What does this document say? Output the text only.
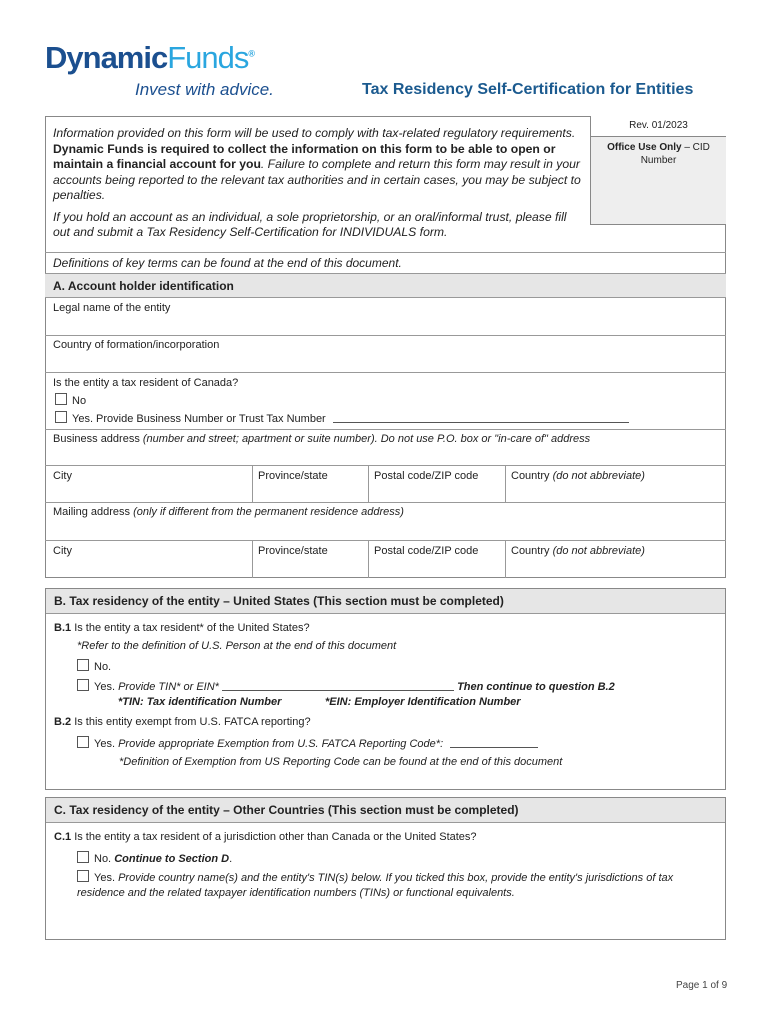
DynamicFunds®
Invest with advice.	Tax Residency Self-Certification for Entities
Information provided on this form will be used to comply with tax-related regulatory requirements. Dynamic Funds is required to collect the information on this form to be able to open or maintain a financial account for you. Failure to complete and return this form may result in your accounts being reported to the relevant tax authorities and in certain cases, you may be subject to penalties.
If you hold an account as an individual, a sole proprietorship, or an oral/informal trust, please fill out and submit a Tax Residency Self-Certification for INDIVIDUALS form.
Rev. 01/2023
Office Use Only – CID Number
Definitions of key terms can be found at the end of this document.
A. Account holder identification
Legal name of the entity
Country of formation/incorporation
Is the entity a tax resident of Canada?
No
Yes. Provide Business Number or Trust Tax Number
Business address (number and street; apartment or suite number). Do not use P.O. box or "in-care of" address
City	Province/state	Postal code/ZIP code	Country (do not abbreviate)
Mailing address (only if different from the permanent residence address)
City	Province/state	Postal code/ZIP code	Country (do not abbreviate)
B. Tax residency of the entity – United States (This section must be completed)
B.1 Is the entity a tax resident* of the United States?
*Refer to the definition of U.S. Person at the end of this document
No.
Yes. Provide TIN* or EIN*	Then continue to question B.2
*TIN: Tax identification Number	*EIN: Employer Identification Number
B.2 Is this entity exempt from U.S. FATCA reporting?
Yes. Provide appropriate Exemption from U.S. FATCA Reporting Code*:
*Definition of Exemption from US Reporting Code can be found at the end of this document
C. Tax residency of the entity – Other Countries (This section must be completed)
C.1 Is the entity a tax resident of a jurisdiction other than Canada or the United States?
No. Continue to Section D.
Yes. Provide country name(s) and the entity's TIN(s) below. If you ticked this box, provide the entity's jurisdictions of tax residence and the related taxpayer identification numbers (TINs) or functional equivalents.
Page 1 of 9
